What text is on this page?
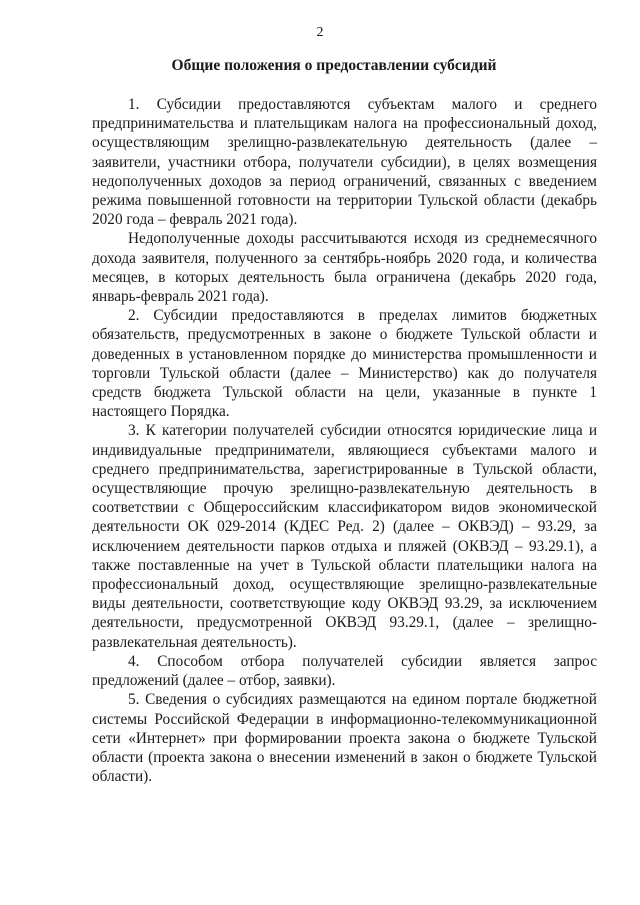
2
Общие положения о предоставлении субсидий

1. Субсидии предоставляются субъектам малого и среднего предпринимательства и плательщикам налога на профессиональный доход, осуществляющим зрелищно-развлекательную деятельность (далее – заявители, участники отбора, получатели субсидии), в целях возмещения недополученных доходов за период ограничений, связанных с введением режима повышенной готовности на территории Тульской области (декабрь 2020 года – февраль 2021 года).

Недополученные доходы рассчитываются исходя из среднемесячного дохода заявителя, полученного за сентябрь-ноябрь 2020 года, и количества месяцев, в которых деятельность была ограничена (декабрь 2020 года, январь-февраль 2021 года).

2. Субсидии предоставляются в пределах лимитов бюджетных обязательств, предусмотренных в законе о бюджете Тульской области и доведенных в установленном порядке до министерства промышленности и торговли Тульской области (далее – Министерство) как до получателя средств бюджета Тульской области на цели, указанные в пункте 1 настоящего Порядка.

3. К категории получателей субсидии относятся юридические лица и индивидуальные предприниматели, являющиеся субъектами малого и среднего предпринимательства, зарегистрированные в Тульской области, осуществляющие прочую зрелищно-развлекательную деятельность в соответствии с Общероссийским классификатором видов экономической деятельности ОК 029-2014 (КДЕС Ред. 2) (далее – ОКВЭД) – 93.29, за исключением деятельности парков отдыха и пляжей (ОКВЭД – 93.29.1), а также поставленные на учет в Тульской области плательщики налога на профессиональный доход, осуществляющие зрелищно-развлекательные виды деятельности, соответствующие коду ОКВЭД 93.29, за исключением деятельности, предусмотренной ОКВЭД 93.29.1, (далее – зрелищно-развлекательная деятельность).

4. Способом отбора получателей субсидии является запрос предложений (далее – отбор, заявки).

5. Сведения о субсидиях размещаются на едином портале бюджетной системы Российской Федерации в информационно-телекоммуникационной сети «Интернет» при формировании проекта закона о бюджете Тульской области (проекта закона о внесении изменений в закон о бюджете Тульской области).
